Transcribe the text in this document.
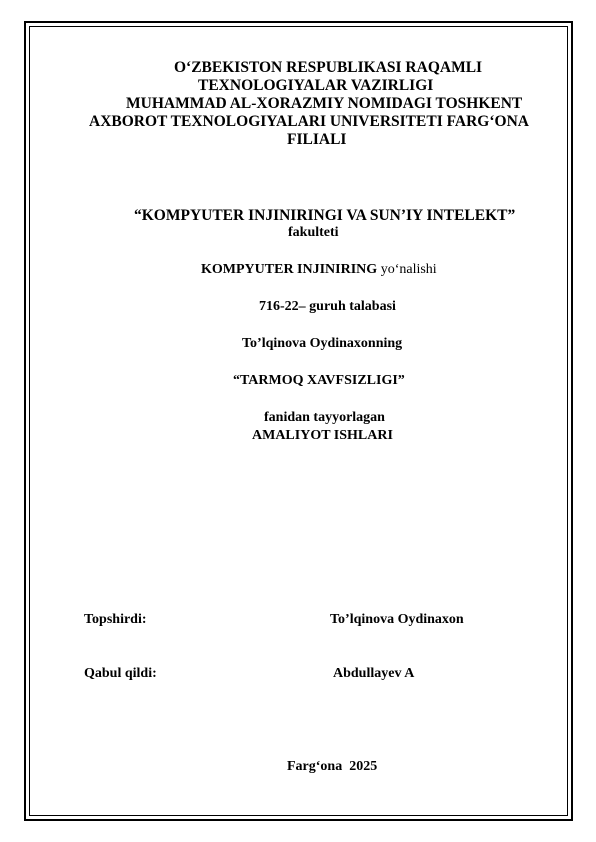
O‘ZBEKISTON RESPUBLIKASI RAQAMLI
TEXNOLOGIYALAR VAZIRLIGI
MUHAMMAD AL-XORAZMIY NOMIDAGI TOSHKENT
AXBOROT TEXNOLOGIYALARI UNIVERSITETI FARG‘ONA
FILIALI
“KOMPYUTER INJINIRINGI VA SUN’IY INTELEKT”
fakulteti
KOMPYUTER INJINIRING yo‘nalishi
716-22– guruh talabasi
To’lqinova Oydinaxonning
“TARMOQ XAVFSIZLIGI”
fanidan tayyorlagan
AMALIYOT ISHLARI
Topshirdi:	To’lqinova Oydinaxon
Qabul qildi:	Abdullayev A
Farg‘ona  2025
